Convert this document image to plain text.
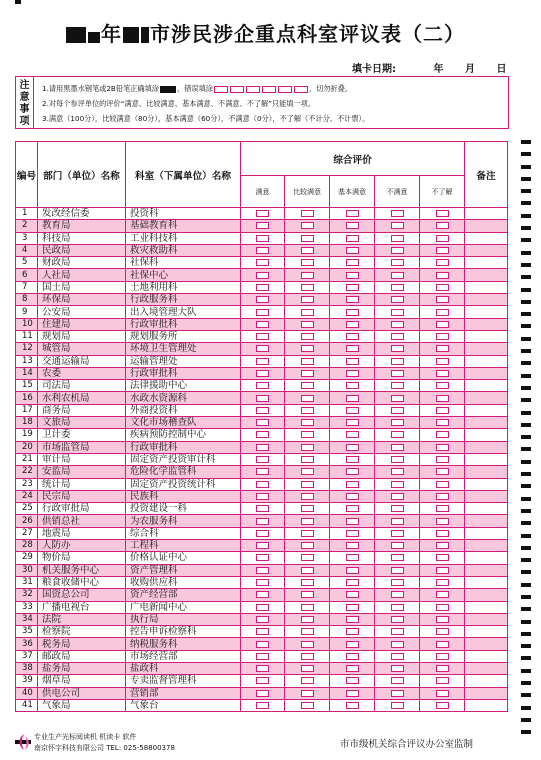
年 市涉民涉企重点科室评议表（二）
填卡日期:	年 月 日
注
意
事
项
1.请用黑墨水钢笔或2B铅笔正确填涂	，错误填涂	，切勿折叠。
2.对每个参评单位的评价“满意、比较满意、基本满意、不满意、不了解”只能填一项。
3.满意（100分），比较满意（80分），基本满意（60分），不满意（0分），不了解（不计分、不计票）。
编号	部门（单位）名称	科室（下属单位）名称	综合评价					备注
			满意	比较满意	基本满意	不满意	不了解	
1	发改经信委	投资科						
2	教育局	基础教育科						
3	科技局	工业科技科						
4	民政局	救灾救助科						
5	财政局	社保科						
6	人社局	社保中心						
7	国土局	土地利用科						
8	环保局	行政服务科						
9	公安局	出入境管理大队						
10	住建局	行政审批科						
11	规划局	规划服务所						
12	城管局	环境卫生管理处						
13	交通运输局	运输管理处						
14	农委	行政审批科						
15	司法局	法律援助中心						
16	水利农机局	水政水资源科						
17	商务局	外商投资科						
18	文旅局	文化市场稽查队						
19	卫计委	疾病预防控制中心						
20	市场监管局	行政审批科						
21	审计局	固定资产投资审计科						
22	安监局	危险化学监管科						
23	统计局	固定资产投资统计科						
24	民宗局	民族科						
25	行政审批局	投资建设一科						
26	供销总社	为农服务科						
27	地震局	综合科						
28	人防办	工程科						
29	物价局	价格认证中心						
30	机关服务中心	资产管理科						
31	粮食收储中心	收购供应科						
32	国资总公司	资产经营部						
33	广播电视台	广电新闻中心						
34	法院	执行局						
35	检察院	控告申诉检察科						
36	税务局	纳税服务科						
37	邮政局	市场经营部						
38	盐务局	盐政科						
39	烟草局	专卖监督管理科						
40	供电公司	营销部						
41	气象局	气象台						
专业生产光标阅读机 机读卡 软件
南京怀宇科技有限公司 TEL: 025-58800378	市市级机关综合评议办公室监制
